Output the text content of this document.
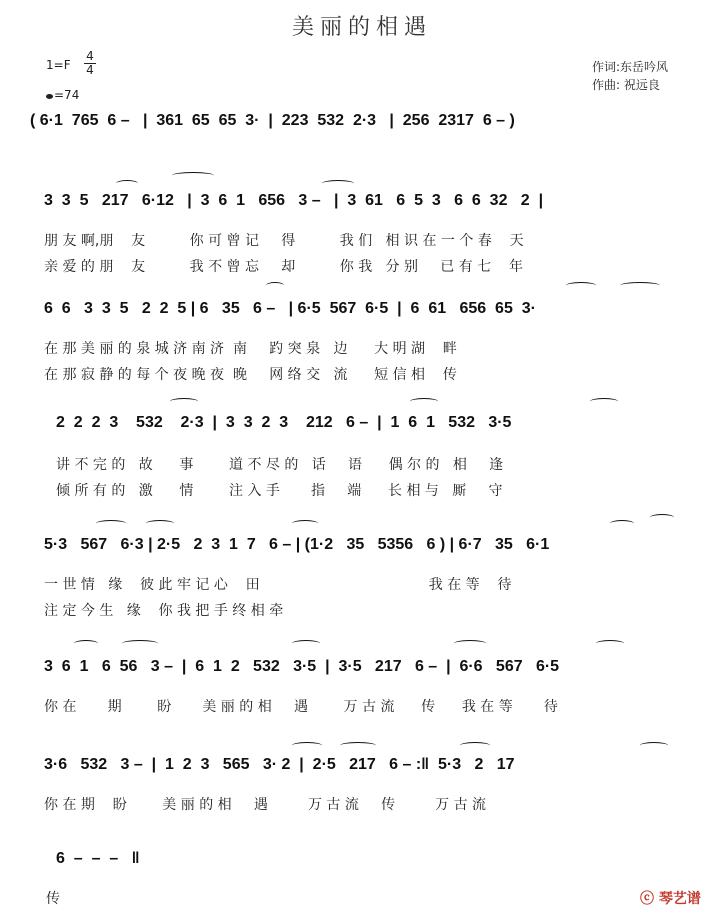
美丽的相遇
1=F
4
4
=74
作词:东岳吟风
作曲: 祝远良
( 6·1  765  6 –   |  361  65  65  3·  |  223  532  2·3   |  256  2317  6 – )
3  3  5   217   6·12   |  3  6  1   656   3 –   |  3  61   6  5  3   6  6  32   2  |
朋 友 啊,朋    友          你 可 曾 记     得          我 们   相 识 在 一 个 春    天
亲 爱 的 朋    友          我 不 曾 忘     却          你 我   分 别     已 有 七    年
6  6   3  3  5   2  2  5 | 6   35   6 –   | 6·5  567  6·5  |  6  61   656  65  3·
在 那 美 丽 的 泉 城 济 南 济  南     趵 突 泉   边      大 明 湖    畔
在 那 寂 静 的 每 个 夜 晚 夜  晚     网 络 交   流      短 信 相    传
2  2  2  3    532    2·3  |  3  3  2  3    212   6 –  |  1  6  1   532   3·5
讲 不 完 的   故      事        道 不 尽 的   话     语      偶 尔 的   相     逢
倾 所 有 的   激      情        注 入 手       指     端      长 相 与   厮     守
5·3   567   6·3 | 2·5   2  3  1  7   6 – | (1·2   35   5356   6 ) | 6·7   35   6·1
一 世 情   缘    彼 此 牢 记 心    田                                      我 在 等    待
注 定 今 生   缘    你 我 把 手 终 相 牵
3  6  1   6  56   3 –  |  6  1  2   532   3·5  |  3·5   217   6 –  |  6·6   567   6·5
你 在       期        盼       美 丽 的 相     遇        万 古 流      传      我 在 等       待
3·6   532   3 –  |  1  2  3   565   3· 2  |  2·5   217   6 – :‖  5·3   2   17
你 在 期    盼        美 丽 的 相     遇         万 古 流     传         万 古 流
6  –  –  –   ‖
传	ⓒ 琴艺谱
